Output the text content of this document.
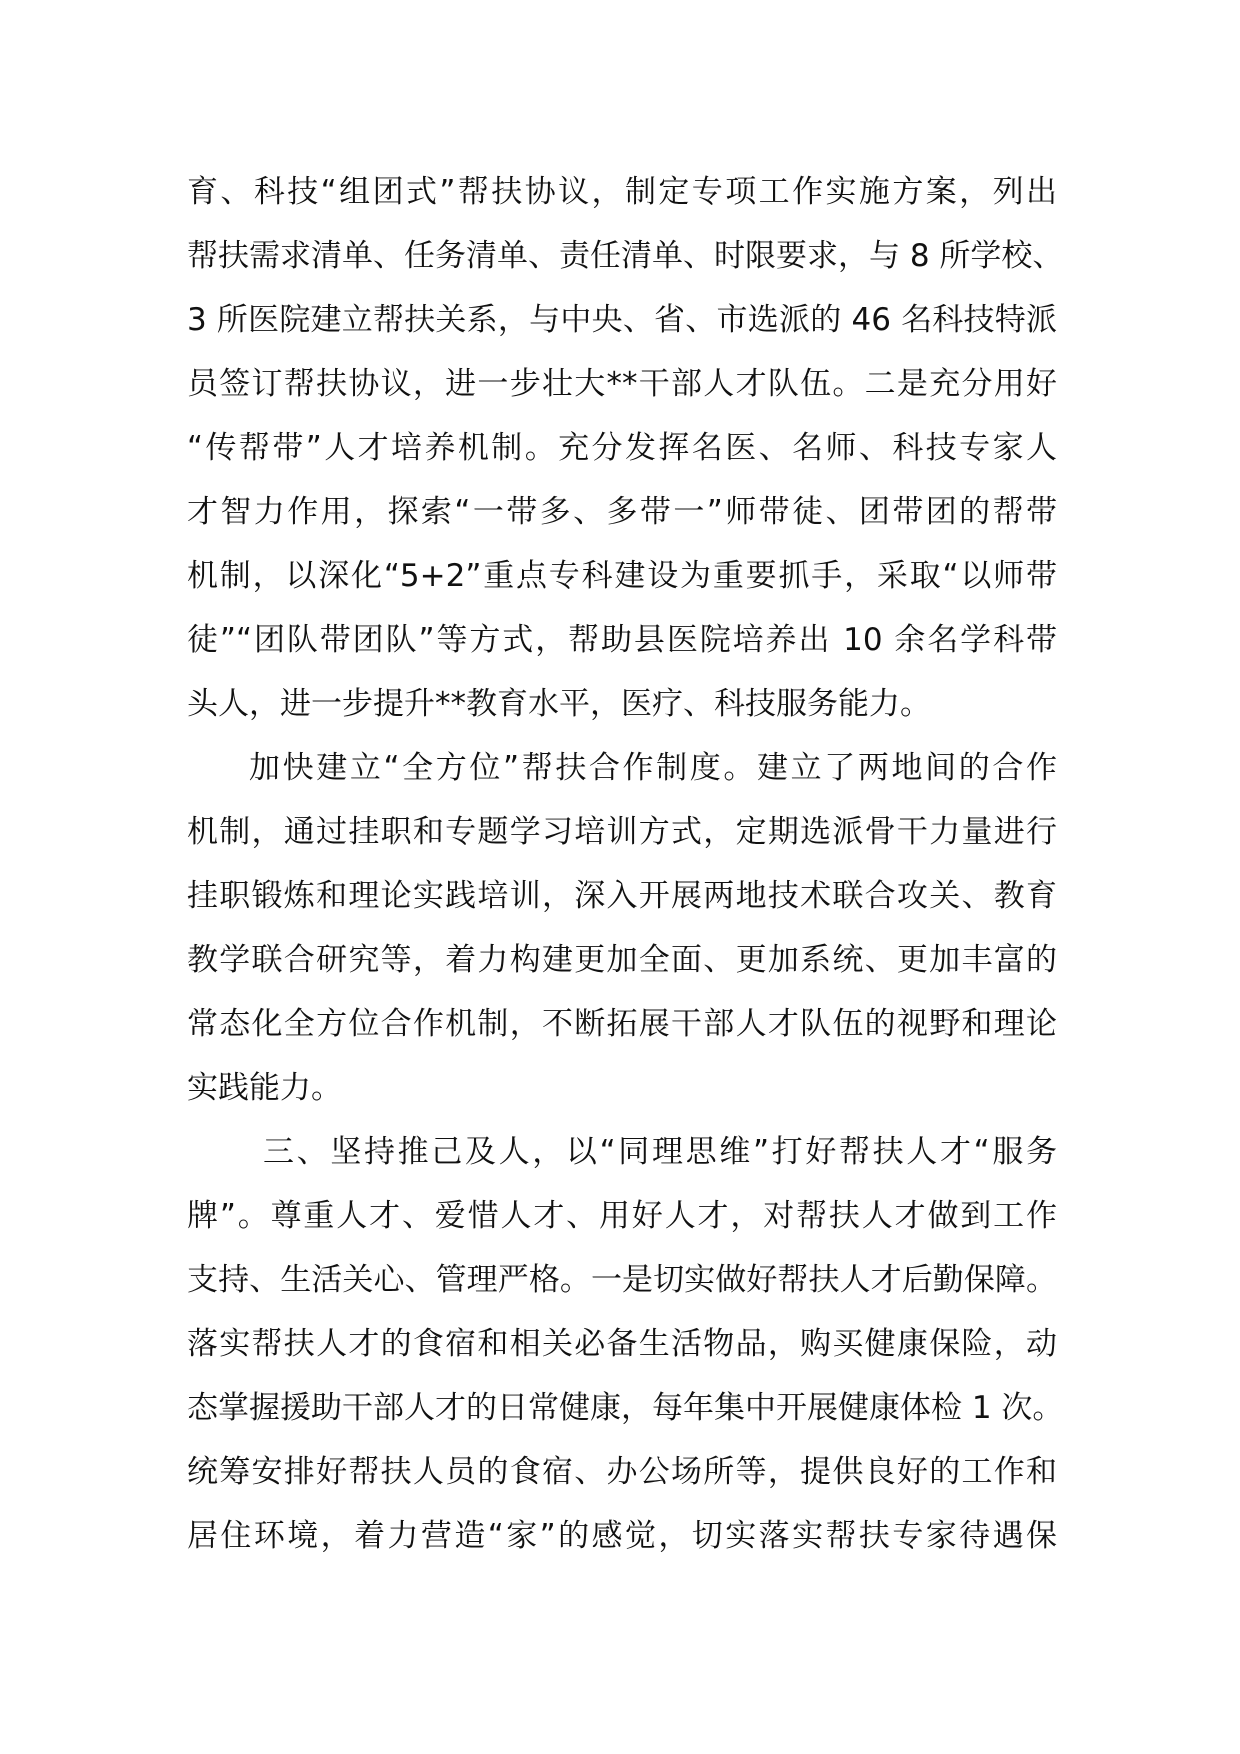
育、科技“组团式”帮扶协议，制定专项工作实施方案，列出
帮扶需求清单、任务清单、责任清单、时限要求，与 8 所学校、
3 所医院建立帮扶关系，与中央、省、市选派的 46 名科技特派
员签订帮扶协议，进一步壮大**干部人才队伍。二是充分用好
“传帮带”人才培养机制。充分发挥名医、名师、科技专家人
才智力作用，探索“一带多、多带一”师带徒、团带团的帮带
机制，以深化“5+2”重点专科建设为重要抓手，采取“以师带
徒”“团队带团队”等方式，帮助县医院培养出 10 余名学科带
头人，进一步提升**教育水平，医疗、科技服务能力。
加快建立“全方位”帮扶合作制度。建立了两地间的合作
机制，通过挂职和专题学习培训方式，定期选派骨干力量进行
挂职锻炼和理论实践培训，深入开展两地技术联合攻关、教育
教学联合研究等，着力构建更加全面、更加系统、更加丰富的
常态化全方位合作机制，不断拓展干部人才队伍的视野和理论
实践能力。
三、坚持推己及人，以“同理思维”打好帮扶人才“服务
牌”。尊重人才、爱惜人才、用好人才，对帮扶人才做到工作
支持、生活关心、管理严格。一是切实做好帮扶人才后勤保障。
落实帮扶人才的食宿和相关必备生活物品，购买健康保险，动
态掌握援助干部人才的日常健康，每年集中开展健康体检 1 次。
统筹安排好帮扶人员的食宿、办公场所等，提供良好的工作和
居住环境，着力营造“家”的感觉，切实落实帮扶专家待遇保
